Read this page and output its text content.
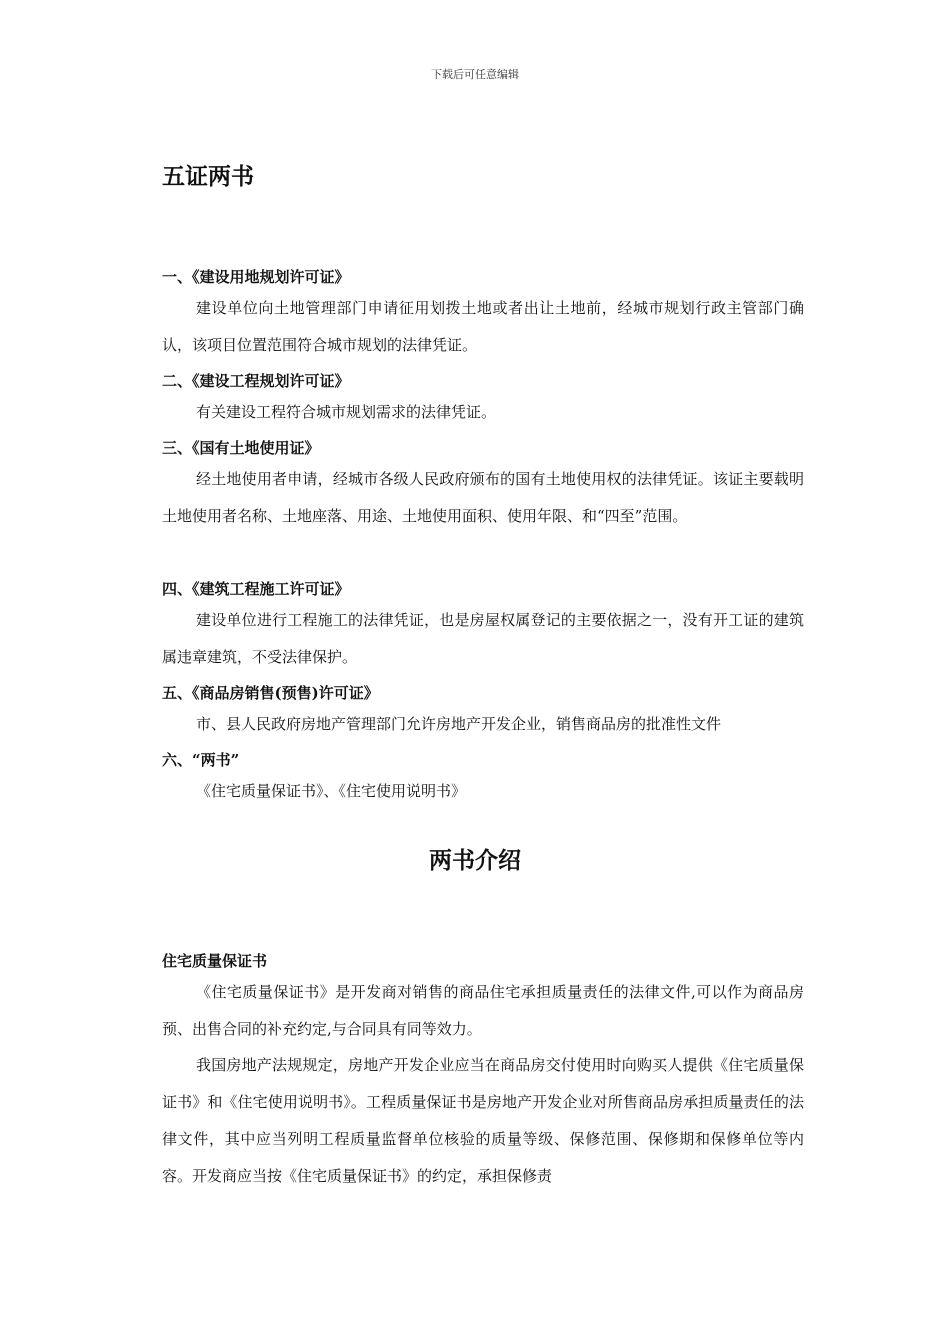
下载后可任意编辑
五证两书
一、《建设用地规划许可证》

建设单位向土地管理部门申请征用划拨土地或者出让土地前，经城市规划行政主管部门确认，该项目位置范围符合城市规划的法律凭证。

二、《建设工程规划许可证》

有关建设工程符合城市规划需求的法律凭证。

三、《国有土地使用证》

经土地使用者申请，经城市各级人民政府颁布的国有土地使用权的法律凭证。该证主要载明土地使用者名称、土地座落、用途、土地使用面积、使用年限、和“四至”范围。

四、《建筑工程施工许可证》

建设单位进行工程施工的法律凭证，也是房屋权属登记的主要依据之一，没有开工证的建筑属违章建筑，不受法律保护。

五、《商品房销售(预售)许可证》

市、县人民政府房地产管理部门允许房地产开发企业，销售商品房的批准性文件

六、“两书”

《住宅质量保证书》、《住宅使用说明书》

两书介绍
住宅质量保证书

《住宅质量保证书》是开发商对销售的商品住宅承担质量责任的法律文件,可以作为商品房预、出售合同的补充约定,与合同具有同等效力。

我国房地产法规规定，房地产开发企业应当在商品房交付使用时向购买人提供《住宅质量保证书》和《住宅使用说明书》。工程质量保证书是房地产开发企业对所售商品房承担质量责任的法律文件，其中应当列明工程质量监督单位核验的质量等级、保修范围、保修期和保修单位等内容。开发商应当按《住宅质量保证书》的约定，承担保修责
